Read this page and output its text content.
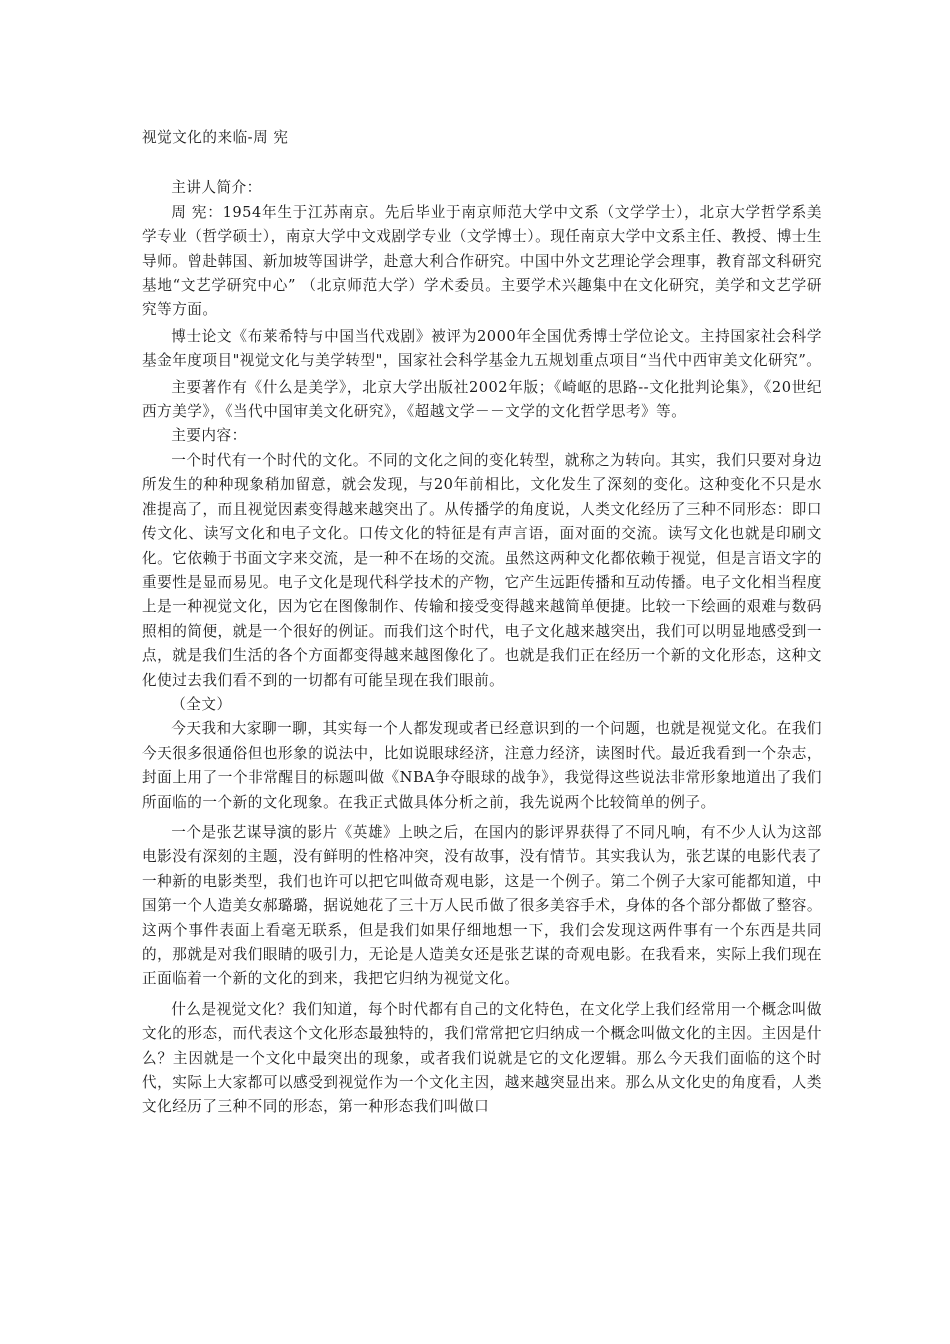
视觉文化的来临-周 宪

主讲人简介：

周 宪：1954年生于江苏南京。先后毕业于南京师范大学中文系（文学学士），北京大学哲学系美学专业（哲学硕士），南京大学中文戏剧学专业（文学博士）。现任南京大学中文系主任、教授、博士生导师。曾赴韩国、新加坡等国讲学，赴意大利合作研究。中国中外文艺理论学会理事，教育部文科研究基地“文艺学研究中心” （北京师范大学）学术委员。主要学术兴趣集中在文化研究，美学和文艺学研究等方面。

博士论文《布莱希特与中国当代戏剧》被评为2000年全国优秀博士学位论文。主持国家社会科学基金年度项目"视觉文化与美学转型"，国家社会科学基金九五规划重点项目“当代中西审美文化研究”。

主要著作有《什么是美学》，北京大学出版社2002年版；《崎岖的思路--文化批判论集》，《20世纪西方美学》，《当代中国审美文化研究》，《超越文学－－文学的文化哲学思考》等。

主要内容：

一个时代有一个时代的文化。不同的文化之间的变化转型，就称之为转向。其实，我们只要对身边所发生的种种现象稍加留意，就会发现，与20年前相比，文化发生了深刻的变化。这种变化不只是水准提高了，而且视觉因素变得越来越突出了。从传播学的角度说，人类文化经历了三种不同形态：即口传文化、读写文化和电子文化。口传文化的特征是有声言语，面对面的交流。读写文化也就是印刷文化。它依赖于书面文字来交流，是一种不在场的交流。虽然这两种文化都依赖于视觉，但是言语文字的重要性是显而易见。电子文化是现代科学技术的产物，它产生远距传播和互动传播。电子文化相当程度上是一种视觉文化，因为它在图像制作、传输和接受变得越来越简单便捷。比较一下绘画的艰难与数码照相的简便，就是一个很好的例证。而我们这个时代，电子文化越来越突出，我们可以明显地感受到一点，就是我们生活的各个方面都变得越来越图像化了。也就是我们正在经历一个新的文化形态，这种文化使过去我们看不到的一切都有可能呈现在我们眼前。

（全文）

今天我和大家聊一聊，其实每一个人都发现或者已经意识到的一个问题，也就是视觉文化。在我们今天很多很通俗但也形象的说法中，比如说眼球经济，注意力经济，读图时代。最近我看到一个杂志，封面上用了一个非常醒目的标题叫做《NBA争夺眼球的战争》，我觉得这些说法非常形象地道出了我们所面临的一个新的文化现象。在我正式做具体分析之前，我先说两个比较简单的例子。

一个是张艺谋导演的影片《英雄》上映之后，在国内的影评界获得了不同凡响，有不少人认为这部电影没有深刻的主题，没有鲜明的性格冲突，没有故事，没有情节。其实我认为，张艺谋的电影代表了一种新的电影类型，我们也许可以把它叫做奇观电影，这是一个例子。第二个例子大家可能都知道，中国第一个人造美女郝璐璐，据说她花了三十万人民币做了很多美容手术，身体的各个部分都做了整容。这两个事件表面上看毫无联系，但是我们如果仔细地想一下，我们会发现这两件事有一个东西是共同的，那就是对我们眼睛的吸引力，无论是人造美女还是张艺谋的奇观电影。在我看来，实际上我们现在正面临着一个新的文化的到来，我把它归纳为视觉文化。

什么是视觉文化？我们知道，每个时代都有自己的文化特色，在文化学上我们经常用一个概念叫做文化的形态，而代表这个文化形态最独特的，我们常常把它归纳成一个概念叫做文化的主因。主因是什么？主因就是一个文化中最突出的现象，或者我们说就是它的文化逻辑。那么今天我们面临的这个时代，实际上大家都可以感受到视觉作为一个文化主因，越来越突显出来。那么从文化史的角度看，人类文化经历了三种不同的形态，第一种形态我们叫做口
